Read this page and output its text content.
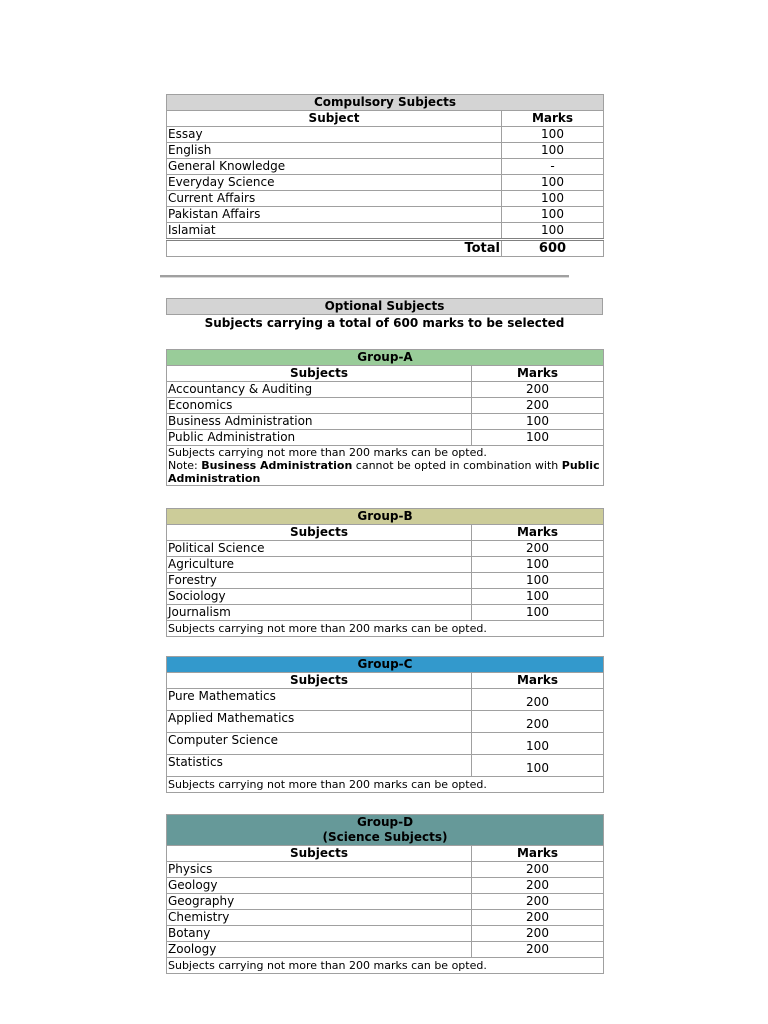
Compulsory Subjects	
Subject	Marks
Essay	100
English	100
General Knowledge	-
Everyday Science	100
Current Affairs	100
Pakistan Affairs	100
Islamiat	100
Total	600
Optional Subjects
Subjects carrying a total of 600 marks to be selected
Group-A	
Subjects	Marks
Accountancy & Auditing	200
Economics	200
Business Administration	100
Public Administration	100

Subjects carrying not more than 200 marks can be opted.
Note: Business Administration cannot be opted in combination with Public Administration	
Group-B	
Subjects	Marks
Political Science	200
Agriculture	100
Forestry	100
Sociology	100
Journalism	100
Subjects carrying not more than 200 marks can be opted.	
Group-C	
Subjects	Marks
Pure Mathematics	200
Applied Mathematics	200
Computer Science	100
Statistics	100
Subjects carrying not more than 200 marks can be opted.	
Group-D
(Science Subjects)	

Subjects	Marks
Physics	200
Geology	200
Geography	200
Chemistry	200
Botany	200
Zoology	200
Subjects carrying not more than 200 marks can be opted.	
